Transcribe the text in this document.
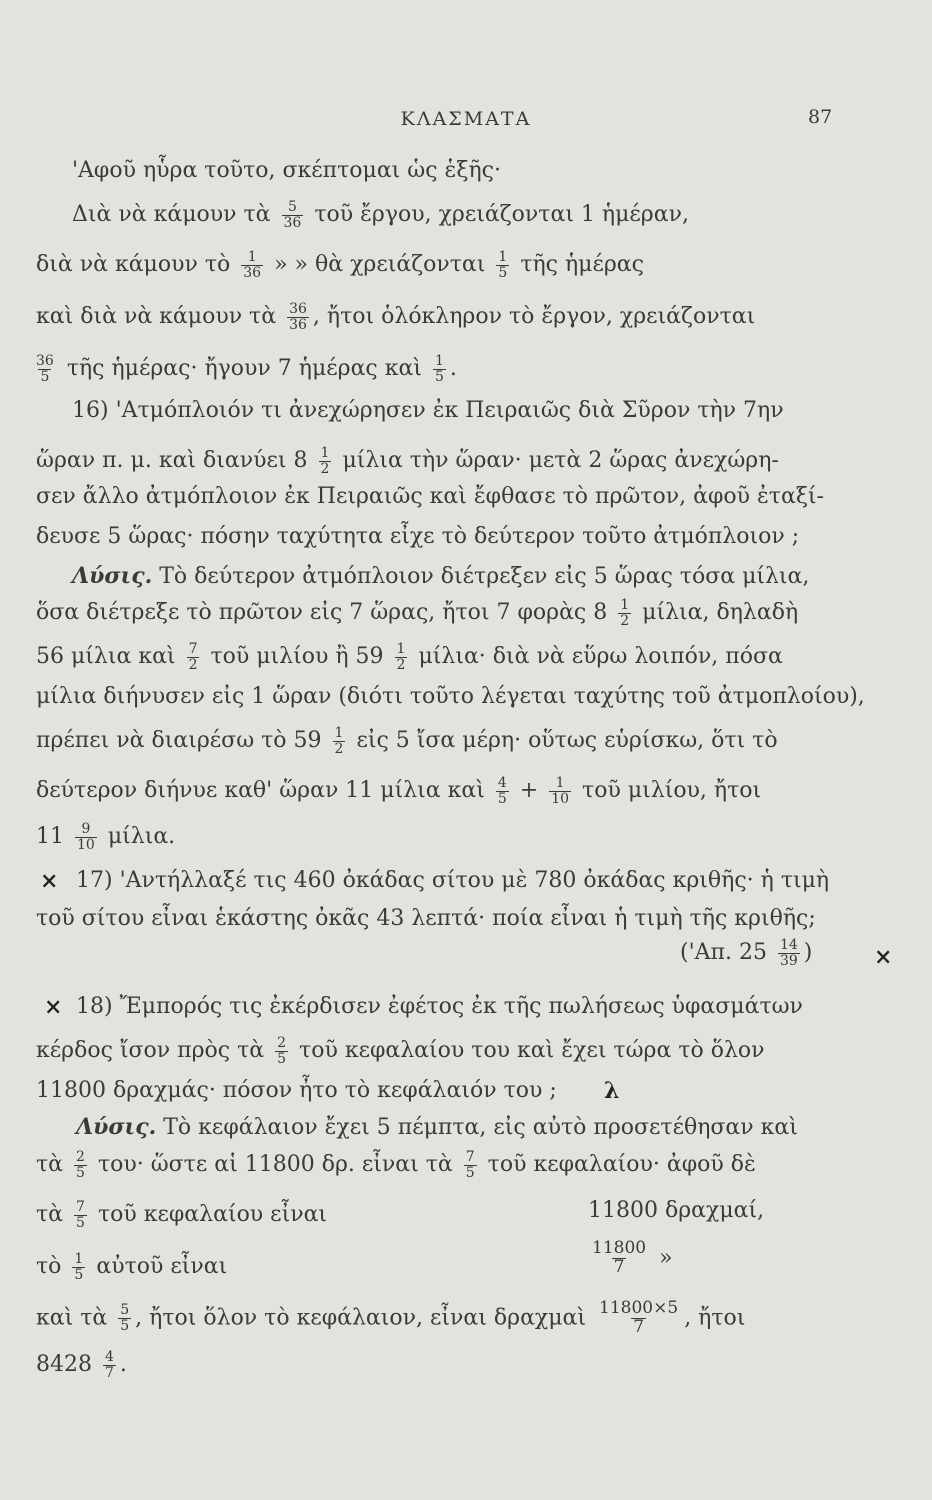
ΚΛΑΣΜΑΤΑ	87
'Αφοῦ ηὗρα τοῦτο, σκέπτομαι ὡς ἑξῆς·
Διὰ νὰ κάμουν τὰ $\frac{5}{36}$ τοῦ ἔργου, χρειάζονται 1 ἡμέραν,
διὰ νὰ κάμουν τὸ $\frac{1}{36}$ » » θὰ χρειάζονται $\frac{1}{5}$ τῆς ἡμέρας
καὶ διὰ νὰ κάμουν τὰ $\frac{36}{36}$ , ἤτοι ὁλόκληρον τὸ ἔργον, χρειάζονται
$\frac{36}{5}$ τῆς ἡμέρας· ἤγουν 7 ἡμέρας καὶ $\frac{1}{5}$ .
16) 'Ατμόπλοιόν τι ἀνεχώρησεν ἐκ Πειραιῶς διὰ Σῦρον τὴν 7ην
ὥραν π. μ. καὶ διανύει $8 \frac{1}{2}$ μίλια τὴν ὥραν· μετὰ 2 ὥρας ἀνεχώρη-
σεν ἄλλο ἀτμόπλοιον ἐκ Πειραιῶς καὶ ἔφθασε τὸ πρῶτον, ἀφοῦ ἐταξί-
δευσε 5 ὥρας· πόσην ταχύτητα εἶχε τὸ δεύτερον τοῦτο ἀτμόπλοιον ;
Λύσις. Τὸ δεύτερον ἀτμόπλοιον διέτρεξεν εἰς 5 ὥρας τόσα μίλια,
ὅσα διέτρεξε τὸ πρῶτον εἰς 7 ὥρας, ἤτοι 7 φορὰς $8 \frac{1}{2} \mu ί\lambda\iota\alpha$, δηλαδὴ
56 μίλια καὶ $\frac{7}{2}$ τοῦ μιλίου ἢ $59 \frac{1}{2} \mu ί\lambda\iota\alpha\cdot$ διὰ νὰ εὕρω λοιπόν, πόσα
μίλια διήνυσεν εἰς 1 ὥραν (διότι τοῦτο λέγεται ταχύτης τοῦ ἀτμοπλοίου),
πρέπει νὰ διαιρέσω τὸ $59 \frac{1}{2}$ εἰς 5 ἴσα μέρη· οὕτως εὑρίσκω, ὅτι τὸ
δεύτερον διήνυε καθ' ὥραν 11 μίλια καὶ $\frac{4}{5} + \frac{1}{10}$ τοῦ μιλίου, ἤτοι
$11 \frac{9}{10} \mu ί\lambda\iota\alpha$.
17) 'Αντήλλαξέ τις 460 ὀκάδας σίτου μὲ 780 ὀκάδας κριθῆς· ἡ τιμὴ
τοῦ σίτου εἶναι ἑκάστης ὀκᾶς 43 λεπτά· ποία εἶναι ἡ τιμὴ τῆς κριθῆς;
('Απ. $25 \frac{14}{39}$ )
18) Ἔμπορός τις ἐκέρδισεν ἐφέτος ἐκ τῆς πωλήσεως ὑφασμάτων
κέρδος ἴσον πρὸς τὰ $\frac{2}{5}$ τοῦ κεφαλαίου του καὶ ἔχει τώρα τὸ ὅλον
11800 δραχμάς· πόσον ἦτο τὸ κεφάλαιόν του ;
Λύσις. Τὸ κεφάλαιον ἔχει 5 πέμπτα, εἰς αὐτὸ προσετέθησαν καὶ
τὰ $\frac{2}{5} \tau o\upsilon\cdot$ ὥστε αἱ 11800 δρ. εἶναι τὰ $\frac{7}{5}$ τοῦ κεφαλαίου· ἀφοῦ δὲ
τὰ $\frac{7}{5}$ τοῦ κεφαλαίου εἶναι	11800 δραχμαί,
τὸ $\frac{1}{5}$ αὐτοῦ εἶναι	$\frac{11800}{7}$ »
καὶ τὰ $\frac{5}{5}$ , ἤτοι ὅλον τὸ κεφάλαιον, εἶναι δραχμαὶ $\frac{11800\times 5}{7}$ , ἤτοι
$8428 \frac{4}{7}$ .
×
×
×
λ
